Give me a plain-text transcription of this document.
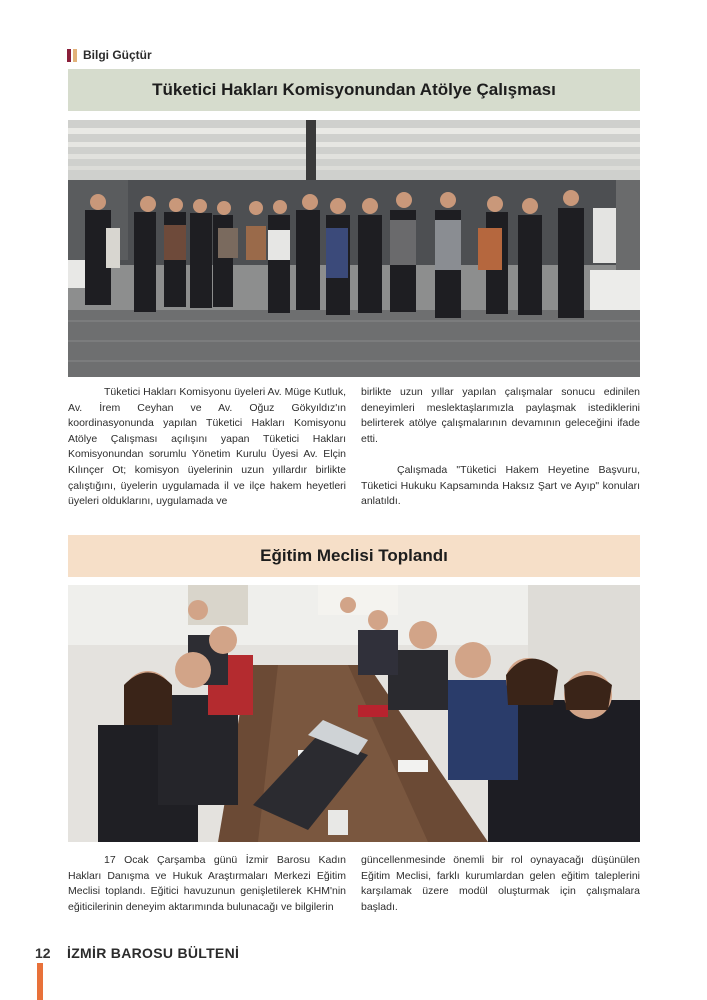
Bilgi Güçtür
Tüketici Hakları Komisyonundan Atölye Çalışması

Tüketici Hakları Komisyonu üyeleri Av. Müge Kutluk, Av. İrem Ceyhan ve Av. Oğuz Gökyıldız'ın koordinasyonunda yapılan Tüketici Hakları Komisyonu Atölye Çalışması açılışını yapan Tüketici Hakları Komisyonundan sorumlu Yönetim Kurulu Üyesi Av. Elçin Kılınçer Ot; komisyon üyelerinin uzun yıllardır birlikte çalıştığını, üyelerin uygulamada il ve ilçe hakem heyetleri üyeleri olduklarını, uygulamada ve

birlikte uzun yıllar yapılan çalışmalar sonucu edinilen deneyimleri meslektaşlarımızla paylaşmak istediklerini belirterek atölye çalışmalarının devamının geleceğini ifade etti.

Çalışmada "Tüketici Hakem Heyetine Başvuru, Tüketici Hukuku Kapsamında Haksız Şart ve Ayıp" konuları anlatıldı.

Eğitim Meclisi Toplandı

17 Ocak Çarşamba günü İzmir Barosu Kadın Hakları Danışma ve Hukuk Araştırmaları Merkezi Eğitim Meclisi toplandı. Eğitici havuzunun genişletilerek KHM'nin eğiticilerinin deneyim aktarımında bulunacağı ve bilgilerin

güncellenmesinde önemli bir rol oynayacağı düşünülen Eğitim Meclisi, farklı kurumlardan gelen eğitim taleplerini karşılamak üzere modül oluşturmak için çalışmalara başladı.

12 İZMİR BAROSU BÜLTENİ
